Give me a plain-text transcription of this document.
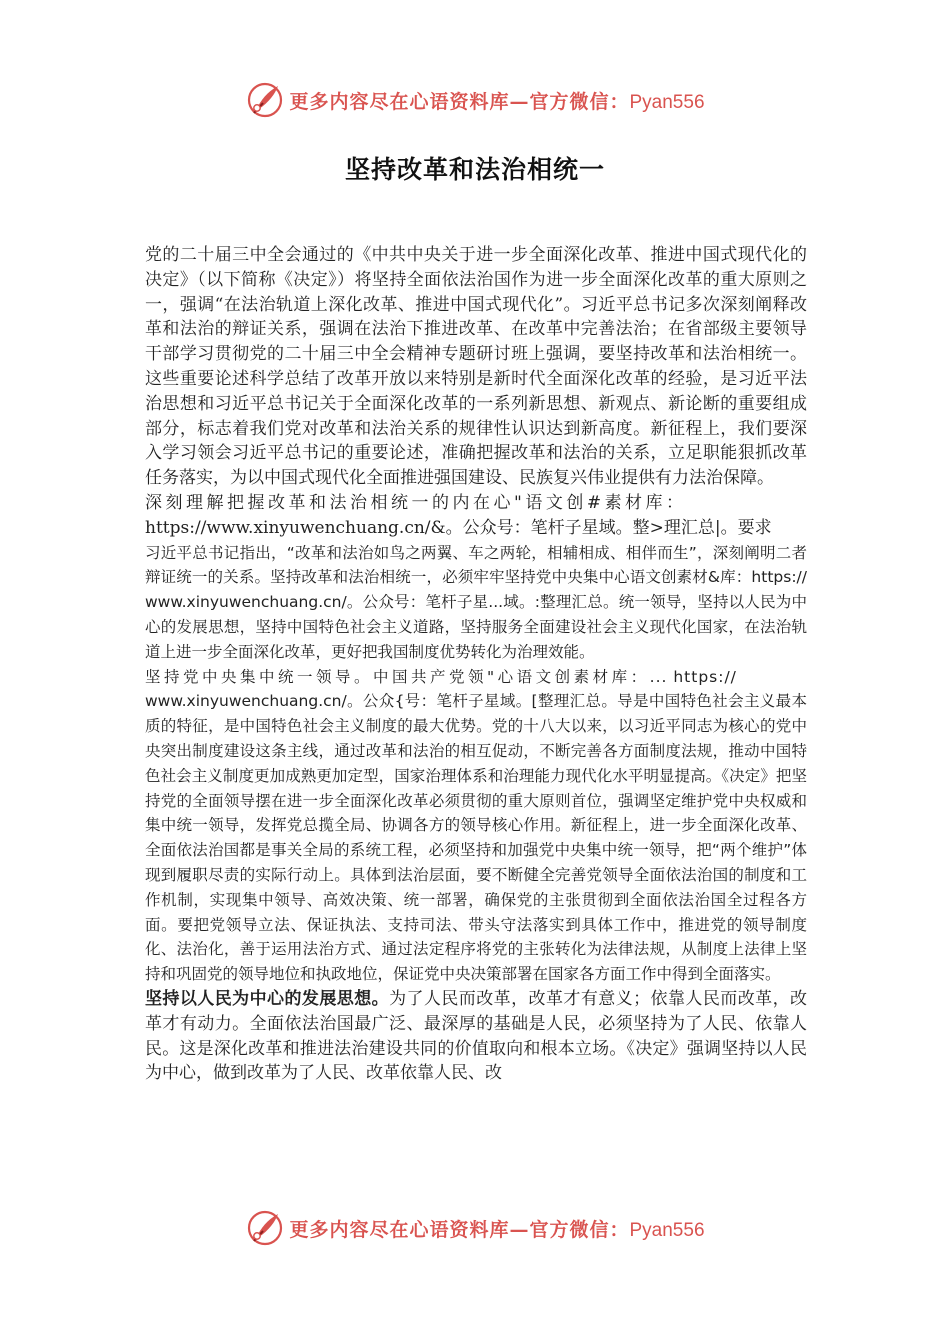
更多内容尽在心语资料库—官方微信：Pyan556
坚持改革和法治相统一

党的二十届三中全会通过的《中共中央关于进一步全面深化改革、推进中国式现代化的决定》（以下简称《决定》）将坚持全面依法治国作为进一步全面深化改革的重大原则之一，强调“在法治轨道上深化改革、推进中国式现代化”。习近平总书记多次深刻阐释改革和法治的辩证关系，强调在法治下推进改革、在改革中完善法治；在省部级主要领导干部学习贯彻党的二十届三中全会精神专题研讨班上强调，要坚持改革和法治相统一。这些重要论述科学总结了改革开放以来特别是新时代全面深化改革的经验，是习近平法治思想和习近平总书记关于全面深化改革的一系列新思想、新观点、新论断的重要组成部分，标志着我们党对改革和法治关系的规律性认识达到新高度。新征程上，我们要深入学习领会习近平总书记的重要论述，准确把握改革和法治的关系，立足职能狠抓改革任务落实，为以中国式现代化全面推进强国建设、民族复兴伟业提供有力法治保障。

深刻理解把握改革和法治相统一的内在心"语文创#素材库：

https://www.xinyuwenchuang.cn/&。公众号：笔杆子星域。整>理汇总|。要求

习近平总书记指出，“改革和法治如鸟之两翼、车之两轮，相辅相成、相伴而生”，深刻阐明二者辩证统一的关系。坚持改革和法治相统一，必须牢牢坚持党中央集中心语文创素材&库：https://www.xinyuwenchuang.cn/。公众号：笔杆子星...域。:整理汇总。统一领导，坚持以人民为中心的发展思想，坚持中国特色社会主义道路，坚持服务全面建设社会主义现代化国家，在法治轨道上进一步全面深化改革，更好把我国制度优势转化为治理效能。

坚持党中央集中统一领导。中国共产党领"心语文创素材库：... https://

www.xinyuwenchuang.cn/。公众{号：笔杆子星域。[整理汇总。导是中国特色社会主义最本质的特征，是中国特色社会主义制度的最大优势。党的十八大以来，以习近平同志为核心的党中央突出制度建设这条主线，通过改革和法治的相互促动，不断完善各方面制度法规，推动中国特色社会主义制度更加成熟更加定型，国家治理体系和治理能力现代化水平明显提高。《决定》把坚持党的全面领导摆在进一步全面深化改革必须贯彻的重大原则首位，强调坚定维护党中央权威和集中统一领导，发挥党总揽全局、协调各方的领导核心作用。新征程上，进一步全面深化改革、全面依法治国都是事关全局的系统工程，必须坚持和加强党中央集中统一领导，把“两个维护”体现到履职尽责的实际行动上。具体到法治层面，要不断健全完善党领导全面依法治国的制度和工作机制，实现集中领导、高效决策、统一部署，确保党的主张贯彻到全面依法治国全过程各方面。要把党领导立法、保证执法、支持司法、带头守法落实到具体工作中，推进党的领导制度化、法治化，善于运用法治方式、通过法定程序将党的主张转化为法律法规，从制度上法律上坚持和巩固党的领导地位和执政地位，保证党中央决策部署在国家各方面工作中得到全面落实。

坚持以人民为中心的发展思想。为了人民而改革，改革才有意义；依靠人民而改革，改革才有动力。全面依法治国最广泛、最深厚的基础是人民，必须坚持为了人民、依靠人民。这是深化改革和推进法治建设共同的价值取向和根本立场。《决定》强调坚持以人民为中心，做到改革为了人民、改革依靠人民、改

更多内容尽在心语资料库—官方微信：Pyan556
